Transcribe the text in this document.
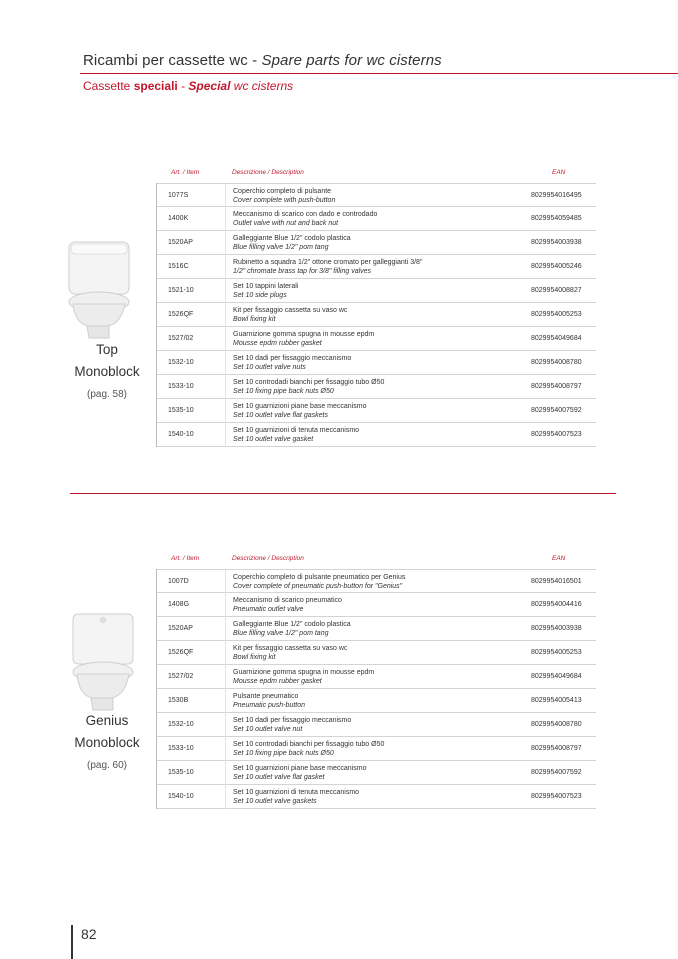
Ricambi per cassette wc - Spare parts for wc cisterns
Cassette speciali - Special wc cisterns
Top
Monoblock
(pag. 58)
Art. / Item	Descrizione / Description	EAN
1077S
Coperchio completo di pulsante
Cover complete with push-button
8029954016495
1400K
Meccanismo di scarico con dado e controdado
Outlet valve with nut and back nut
8029954059485
1520AP
Galleggiante Blue 1/2" codolo plastica
Blue filling valve 1/2" pom tang
8029954003938
1516C
Rubinetto a squadra 1/2" ottone cromato per galleggianti 3/8"
1/2" chromate brass tap for 3/8" filling valves
8029954005246
1521-10
Set 10 tappini laterali
Set 10 side plugs
8029954008827
1526QF
Kit per fissaggio cassetta su vaso wc
Bowl fixing kit
8029954005253
1527/02
Guarnizione gomma spugna in mousse epdm
Mousse epdm rubber gasket
8029954049684
1532-10
Set 10 dadi per fissaggio meccanismo
Set 10 outlet valve nuts
8029954008780
1533-10
Set 10 controdadi bianchi per fissaggio tubo Ø50
Set 10 fixing pipe back nuts Ø50
8029954008797
1535-10
Set 10 guarnizioni piane base meccanismo
Set 10 outlet valve flat gaskets
8029954007592
1540-10
Set 10 guarnizioni di tenuta meccanismo
Set 10 outlet valve gasket
8029954007523
Genius
Monoblock
(pag. 60)
Art. / Item	Descrizione / Description	EAN
1007D
Coperchio completo di pulsante pneumatico per Genius
Cover complete of pneumatic push-button for "Genius"
8029954016501
1408G
Meccanismo di scarico pneumatico
Pneumatic outlet valve
8029954004416
1520AP
Galleggiante Blue 1/2" codolo plastica
Blue filling valve 1/2" pom tang
8029954003938
1526QF
Kit per fissaggio cassetta su vaso wc
Bowl fixing kit
8029954005253
1527/02
Guarnizione gomma spugna in mousse epdm
Mousse epdm rubber gasket
8029954049684
1530B
Pulsante pneumatico
Pneumatic push-button
8029954005413
1532-10
Set 10 dadi per fissaggio meccanismo
Set 10 outlet valve nut
8029954008780
1533-10
Set 10 controdadi bianchi per fissaggio tubo Ø50
Set 10 fixing pipe back nuts Ø50
8029954008797
1535-10
Set 10 guarnizioni piane base meccanismo
Set 10 outlet valve flat gasket
8029954007592
1540-10
Set 10 guarnizioni di tenuta meccanismo
Set 10 outlet valve gaskets
8029954007523
82
